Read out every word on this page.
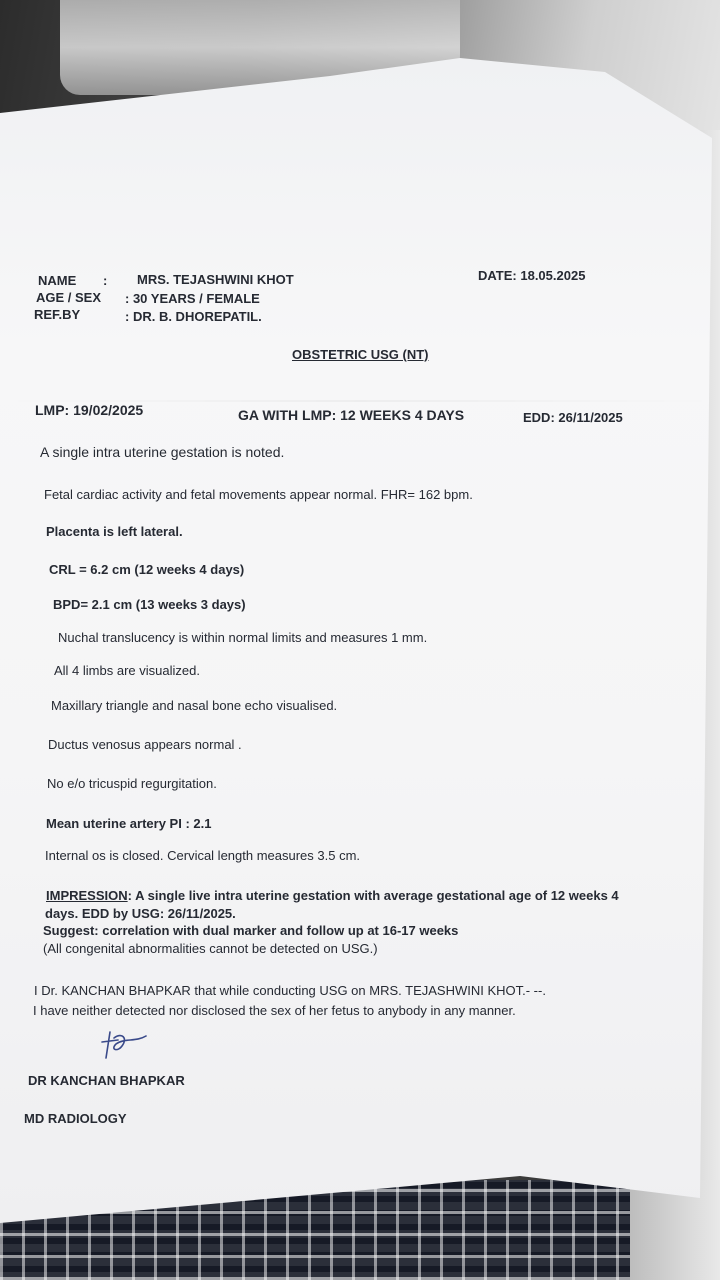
NAME : MRS. TEJASHWINI KHOT	DATE: 18.05.2025
AGE / SEX : 30 YEARS / FEMALE
REF.BY	: DR. B. DHOREPATIL.
OBSTETRIC USG (NT)
LMP: 19/02/2025	GA WITH LMP: 12 WEEKS 4 DAYS	EDD: 26/11/2025
A single intra uterine gestation is noted.
Fetal cardiac activity and fetal movements appear normal. FHR= 162 bpm.
Placenta is left lateral.
CRL = 6.2 cm (12 weeks 4 days)
BPD= 2.1 cm (13 weeks 3 days)
Nuchal translucency is within normal limits and measures 1 mm.
All 4 limbs are visualized.
Maxillary triangle and nasal bone echo visualised.
Ductus venosus appears normal .
No e/o tricuspid regurgitation.
Mean uterine artery PI : 2.1
Internal os is closed. Cervical length measures 3.5 cm.
IMPRESSION: A single live intra uterine gestation with average gestational age of 12 weeks 4
days. EDD by USG: 26/11/2025.
Suggest: correlation with dual marker and follow up at 16-17 weeks
(All congenital abnormalities cannot be detected on USG.)
I Dr. KANCHAN BHAPKAR that while conducting USG on MRS. TEJASHWINI KHOT.- --.
I have neither detected nor disclosed the sex of her fetus to anybody in any manner.
DR KANCHAN BHAPKAR
MD RADIOLOGY
